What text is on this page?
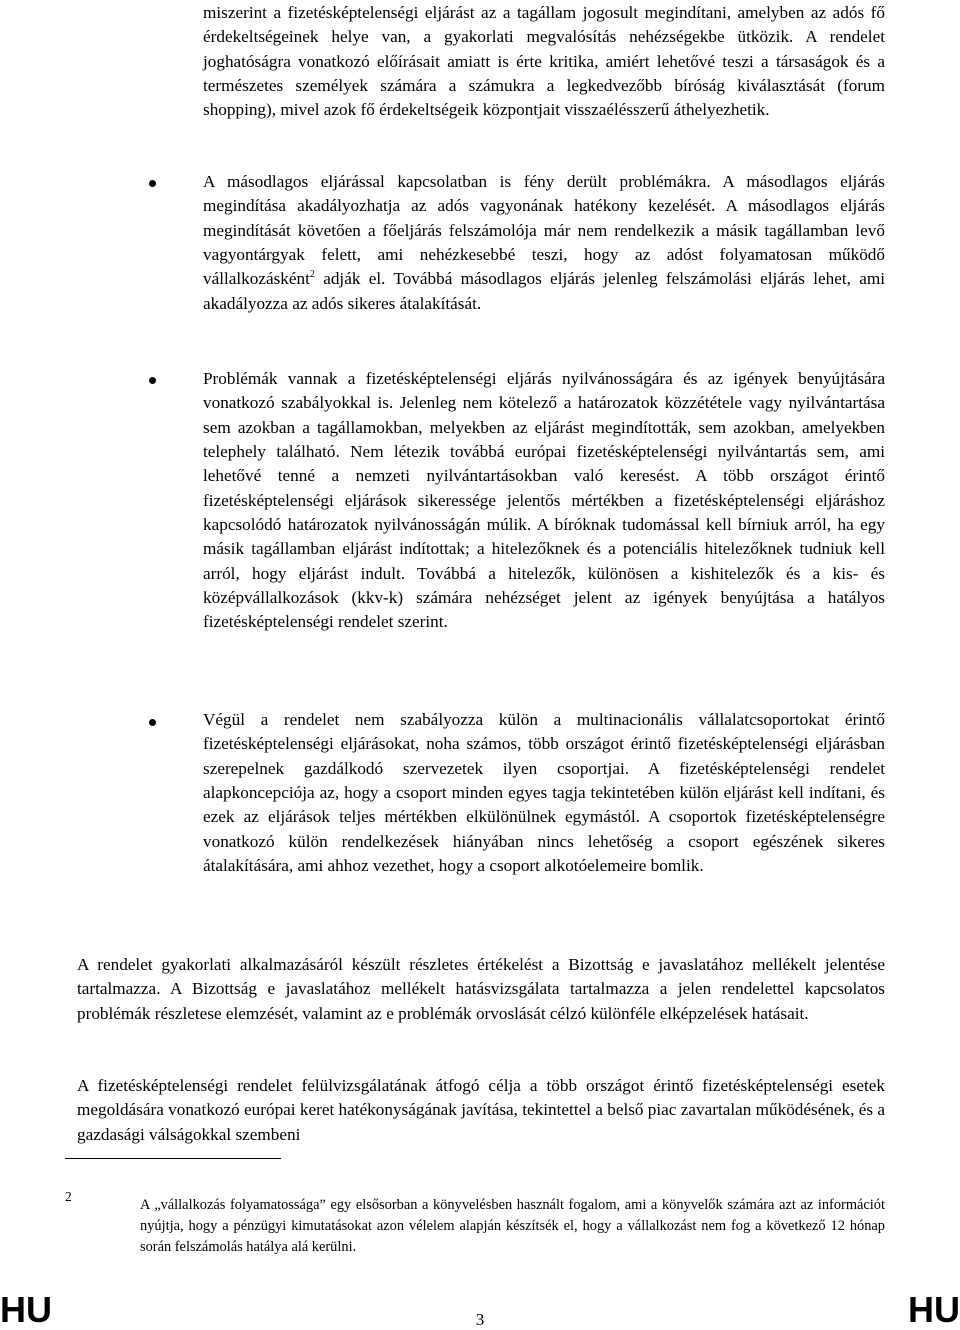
miszerint a fizetésképtelenségi eljárást az a tagállam jogosult megindítani, amelyben az adós fő érdekeltségeinek helye van, a gyakorlati megvalósítás nehézségekbe ütközik. A rendelet joghatóságra vonatkozó előírásait amiatt is érte kritika, amiért lehetővé teszi a társaságok és a természetes személyek számára a számukra a legkedvezőbb bíróság kiválasztását (forum shopping), mivel azok fő érdekeltségeik központjait visszaélésszerű áthelyezhetik.

A másodlagos eljárással kapcsolatban is fény derült problémákra. A másodlagos eljárás megindítása akadályozhatja az adós vagyonának hatékony kezelését. A másodlagos eljárás megindítását követően a főeljárás felszámolója már nem rendelkezik a másik tagállamban levő vagyontárgyak felett, ami nehézkesebbé teszi, hogy az adóst folyamatosan működő vállalkozásként$^2$ adják el. Továbbá másodlagos eljárás jelenleg felszámolási eljárás lehet, ami akadályozza az adós sikeres átalakítását.

Problémák vannak a fizetésképtelenségi eljárás nyilvánosságára és az igények benyújtására vonatkozó szabályokkal is. Jelenleg nem kötelező a határozatok közzététele vagy nyilvántartása sem azokban a tagállamokban, melyekben az eljárást megindították, sem azokban, amelyekben telephely található. Nem létezik továbbá európai fizetésképtelenségi nyilvántartás sem, ami lehetővé tenné a nemzeti nyilvántartásokban való keresést. A több országot érintő fizetésképtelenségi eljárások sikeressége jelentős mértékben a fizetésképtelenségi eljáráshoz kapcsolódó határozatok nyilvánosságán múlik. A bíróknak tudomással kell bírniuk arról, ha egy másik tagállamban eljárást indítottak; a hitelezőknek és a potenciális hitelezőknek tudniuk kell arról, hogy eljárást indult. Továbbá a hitelezők, különösen a kishitelezők és a kis- és középvállalkozások (kkv-k) számára nehézséget jelent az igények benyújtása a hatályos fizetésképtelenségi rendelet szerint.

Végül a rendelet nem szabályozza külön a multinacionális vállalatcsoportokat érintő fizetésképtelenségi eljárásokat, noha számos, több országot érintő fizetésképtelenségi eljárásban szerepelnek gazdálkodó szervezetek ilyen csoportjai. A fizetésképtelenségi rendelet alapkoncepciója az, hogy a csoport minden egyes tagja tekintetében külön eljárást kell indítani, és ezek az eljárások teljes mértékben elkülönülnek egymástól. A csoportok fizetésképtelenségre vonatkozó külön rendelkezések hiányában nincs lehetőség a csoport egészének sikeres átalakítására, ami ahhoz vezethet, hogy a csoport alkotóelemeire bomlik.

A rendelet gyakorlati alkalmazásáról készült részletes értékelést a Bizottság e javaslatához mellékelt jelentése tartalmazza. A Bizottság e javaslatához mellékelt hatásvizsgálata tartalmazza a jelen rendelettel kapcsolatos problémák részletese elemzését, valamint az e problémák orvoslását célzó különféle elképzelések hatásait.

A fizetésképtelenségi rendelet felülvizsgálatának átfogó célja a több országot érintő fizetésképtelenségi esetek megoldására vonatkozó európai keret hatékonyságának javítása, tekintettel a belső piac zavartalan működésének, és a gazdasági válságokkal szembeni

2

A „vállalkozás folyamatossága” egy elsősorban a könyvelésben használt fogalom, ami a könyvelők számára azt az információt nyújtja, hogy a pénzügyi kimutatásokat azon vélelem alapján készítsék el, hogy a vállalkozást nem fog a következő 12 hónap során felszámolás hatálya alá kerülni.

HU	3	HU
